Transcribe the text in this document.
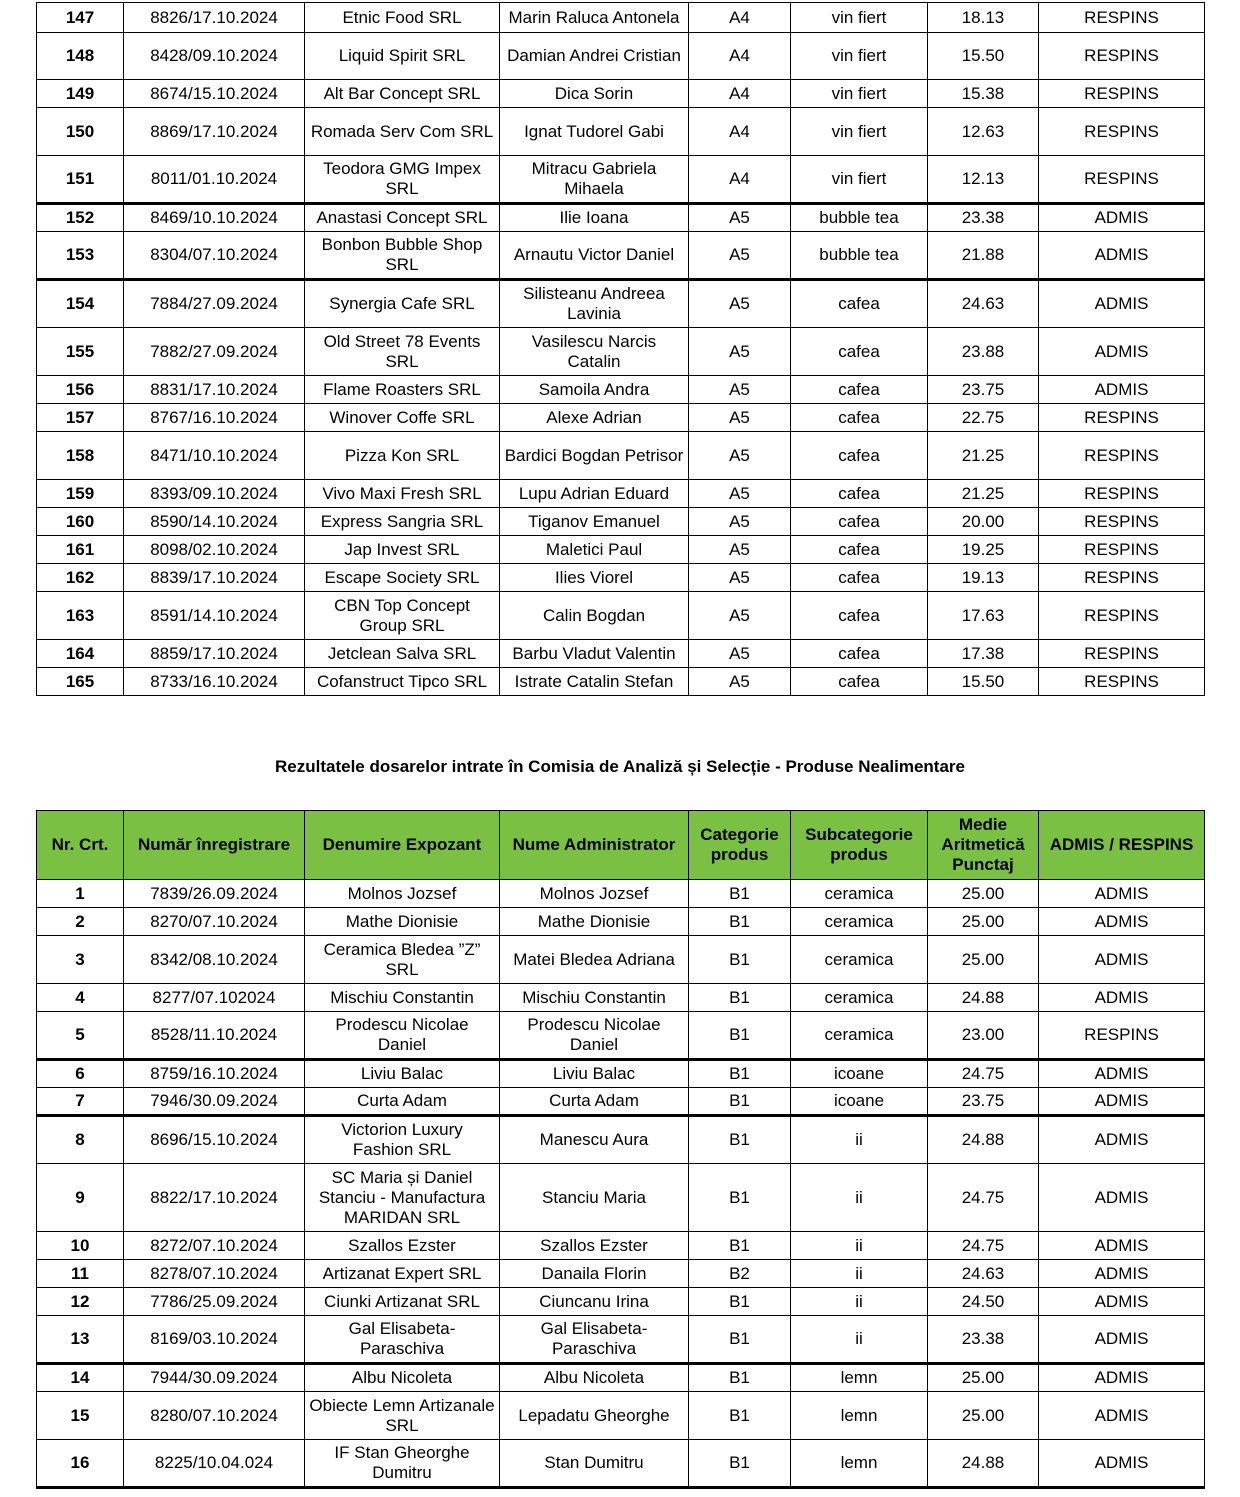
147	8826/17.10.2024	Etnic Food SRL	Marin Raluca Antonela	A4	vin fiert	18.13	RESPINS
148	8428/09.10.2024	Liquid Spirit SRL	Damian Andrei Cristian	A4	vin fiert	15.50	RESPINS
149	8674/15.10.2024	Alt Bar Concept SRL	Dica Sorin	A4	vin fiert	15.38	RESPINS
150	8869/17.10.2024	Romada Serv Com SRL	Ignat Tudorel Gabi	A4	vin fiert	12.63	RESPINS
151	8011/01.10.2024	Teodora GMG Impex SRL	Mitracu Gabriela Mihaela	A4	vin fiert	12.13	RESPINS
152	8469/10.10.2024	Anastasi Concept SRL	Ilie Ioana	A5	bubble tea	23.38	ADMIS
153	8304/07.10.2024	Bonbon Bubble Shop SRL	Arnautu Victor Daniel	A5	bubble tea	21.88	ADMIS
154	7884/27.09.2024	Synergia Cafe SRL	Silisteanu Andreea Lavinia	A5	cafea	24.63	ADMIS
155	7882/27.09.2024	Old Street 78 Events SRL	Vasilescu Narcis Catalin	A5	cafea	23.88	ADMIS
156	8831/17.10.2024	Flame Roasters SRL	Samoila Andra	A5	cafea	23.75	ADMIS
157	8767/16.10.2024	Winover Coffe SRL	Alexe Adrian	A5	cafea	22.75	RESPINS
158	8471/10.10.2024	Pizza Kon SRL	Bardici Bogdan Petrisor	A5	cafea	21.25	RESPINS
159	8393/09.10.2024	Vivo Maxi Fresh SRL	Lupu Adrian Eduard	A5	cafea	21.25	RESPINS
160	8590/14.10.2024	Express Sangria SRL	Tiganov Emanuel	A5	cafea	20.00	RESPINS
161	8098/02.10.2024	Jap Invest SRL	Maletici Paul	A5	cafea	19.25	RESPINS
162	8839/17.10.2024	Escape Society SRL	Ilies Viorel	A5	cafea	19.13	RESPINS
163	8591/14.10.2024	CBN Top Concept Group SRL	Calin Bogdan	A5	cafea	17.63	RESPINS
164	8859/17.10.2024	Jetclean Salva SRL	Barbu Vladut Valentin	A5	cafea	17.38	RESPINS
165	8733/16.10.2024	Cofanstruct Tipco SRL	Istrate Catalin Stefan	A5	cafea	15.50	RESPINS
Rezultatele dosarelor intrate în Comisia de Analiză și Selecție - Produse Nealimentare
Nr. Crt.	Număr înregistrare	Denumire Expozant	Nume Administrator	Categorie produs	Subcategorie produs	Medie Aritmetică Punctaj	ADMIS / RESPINS
1	7839/26.09.2024	Molnos Jozsef	Molnos Jozsef	B1	ceramica	25.00	ADMIS
2	8270/07.10.2024	Mathe Dionisie	Mathe Dionisie	B1	ceramica	25.00	ADMIS
3	8342/08.10.2024	Ceramica Bledea ”Z” SRL	Matei Bledea Adriana	B1	ceramica	25.00	ADMIS
4	8277/07.102024	Mischiu Constantin	Mischiu Constantin	B1	ceramica	24.88	ADMIS
5	8528/11.10.2024	Prodescu Nicolae Daniel	Prodescu Nicolae Daniel	B1	ceramica	23.00	RESPINS
6	8759/16.10.2024	Liviu Balac	Liviu Balac	B1	icoane	24.75	ADMIS
7	7946/30.09.2024	Curta Adam	Curta Adam	B1	icoane	23.75	ADMIS
8	8696/15.10.2024	Victorion Luxury Fashion SRL	Manescu Aura	B1	ii	24.88	ADMIS
9	8822/17.10.2024	SC Maria și Daniel Stanciu - Manufactura MARIDAN SRL	Stanciu Maria	B1	ii	24.75	ADMIS
10	8272/07.10.2024	Szallos Ezster	Szallos Ezster	B1	ii	24.75	ADMIS
11	8278/07.10.2024	Artizanat Expert SRL	Danaila Florin	B2	ii	24.63	ADMIS
12	7786/25.09.2024	Ciunki Artizanat SRL	Ciuncanu Irina	B1	ii	24.50	ADMIS
13	8169/03.10.2024	Gal Elisabeta-Paraschiva	Gal Elisabeta-Paraschiva	B1	ii	23.38	ADMIS
14	7944/30.09.2024	Albu Nicoleta	Albu Nicoleta	B1	lemn	25.00	ADMIS
15	8280/07.10.2024	Obiecte Lemn Artizanale SRL	Lepadatu Gheorghe	B1	lemn	25.00	ADMIS
16	8225/10.04.024	IF Stan Gheorghe Dumitru	Stan Dumitru	B1	lemn	24.88	ADMIS
